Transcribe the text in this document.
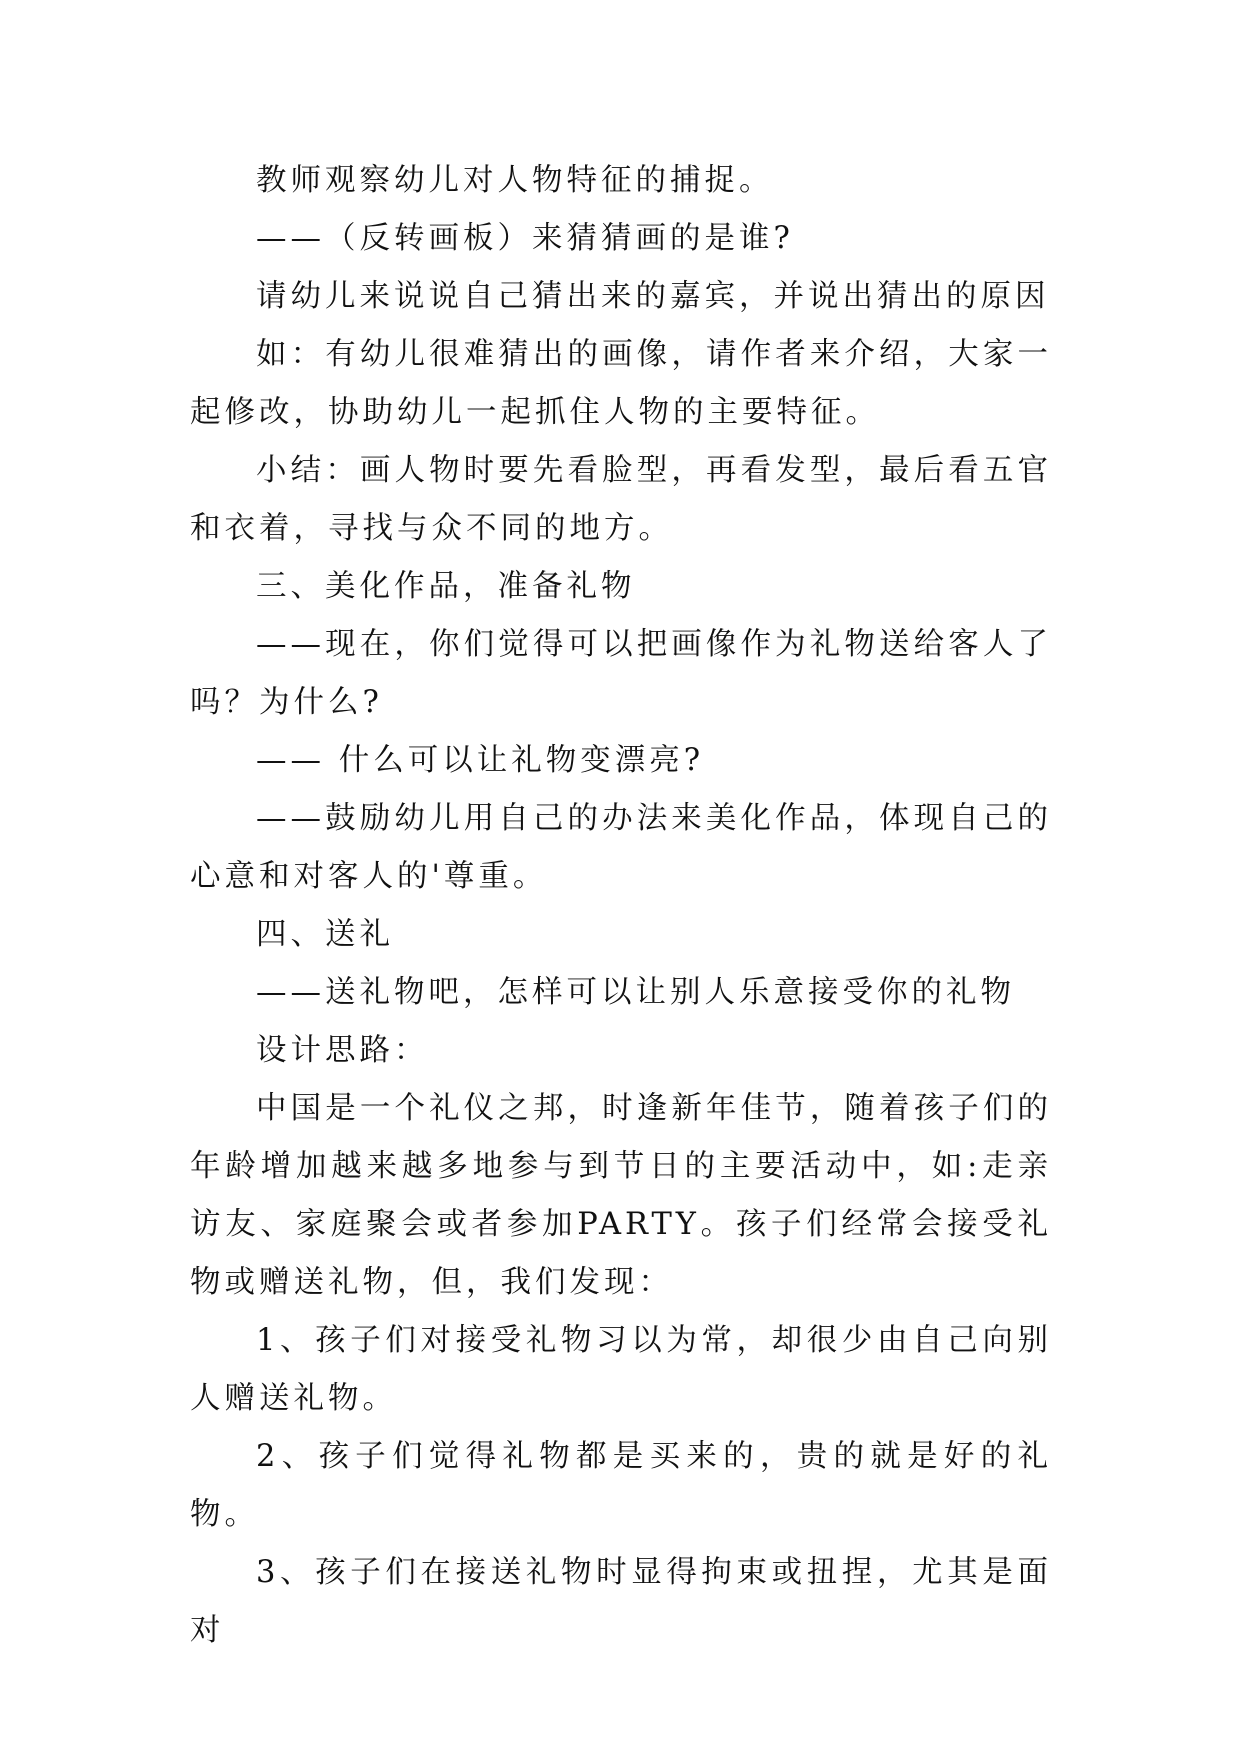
教师观察幼儿对人物特征的捕捉。

——（反转画板）来猜猜画的是谁?

请幼儿来说说自己猜出来的嘉宾，并说出猜出的原因

如：有幼儿很难猜出的画像，请作者来介绍，大家一起修改，协助幼儿一起抓住人物的主要特征。

小结：画人物时要先看脸型，再看发型，最后看五官和衣着，寻找与众不同的地方。

三、美化作品，准备礼物

——现在，你们觉得可以把画像作为礼物送给客人了吗？为什么?

—— 什么可以让礼物变漂亮?

——鼓励幼儿用自己的办法来美化作品，体现自己的心意和对客人的'尊重。

四、送礼

——送礼物吧，怎样可以让别人乐意接受你的礼物

设计思路：

中国是一个礼仪之邦，时逢新年佳节，随着孩子们的年龄增加越来越多地参与到节日的主要活动中，如:走亲访友、家庭聚会或者参加PARTY。孩子们经常会接受礼物或赠送礼物，但，我们发现：

1、孩子们对接受礼物习以为常，却很少由自己向别人赠送礼物。

2、孩子们觉得礼物都是买来的，贵的就是好的礼物。

3、孩子们在接送礼物时显得拘束或扭捏，尤其是面对
